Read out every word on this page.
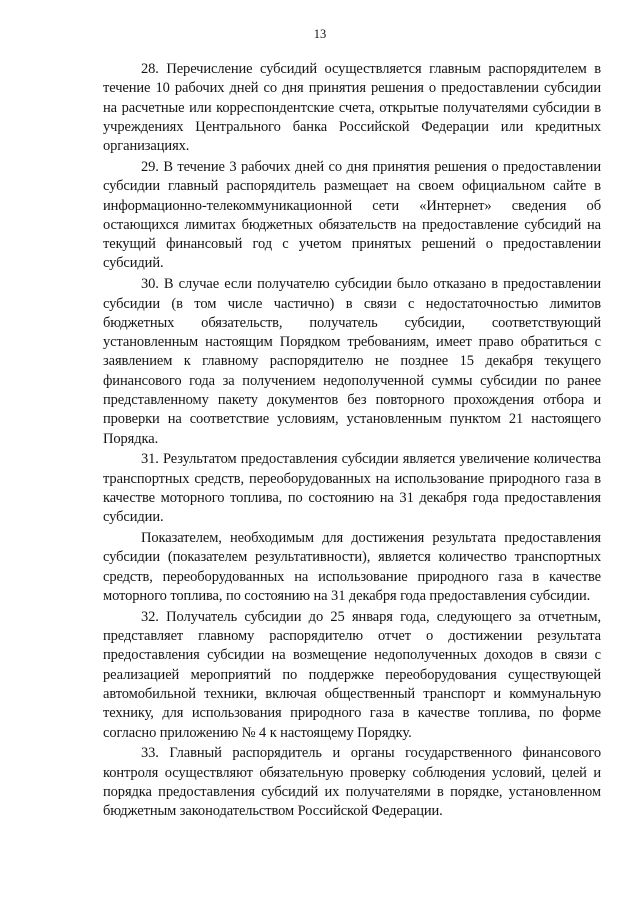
13

28. Перечисление субсидий осуществляется главным распорядителем в течение 10 рабочих дней со дня принятия решения о предоставлении субсидии на расчетные или корреспондентские счета, открытые получателями субсидии в учреждениях Центрального банка Российской Федерации или кредитных организациях.

29. В течение 3 рабочих дней со дня принятия решения о предоставлении субсидии главный распорядитель размещает на своем официальном сайте в информационно-телекоммуникационной сети «Интернет» сведения об остающихся лимитах бюджетных обязательств на предоставление субсидий на текущий финансовый год с учетом принятых решений о предоставлении субсидий.

30. В случае если получателю субсидии было отказано в предоставлении субсидии (в том числе частично) в связи с недостаточностью лимитов бюджетных обязательств, получатель субсидии, соответствующий установленным настоящим Порядком требованиям, имеет право обратиться с заявлением к главному распорядителю не позднее 15 декабря текущего финансового года за получением недополученной суммы субсидии по ранее представленному пакету документов без повторного прохождения отбора и проверки на соответствие условиям, установленным пунктом 21 настоящего Порядка.

31. Результатом предоставления субсидии является увеличение количества транспортных средств, переоборудованных на использование природного газа в качестве моторного топлива, по состоянию на 31 декабря года предоставления субсидии.

Показателем, необходимым для достижения результата предоставления субсидии (показателем результативности), является количество транспортных средств, переоборудованных на использование природного газа в качестве моторного топлива, по состоянию на 31 декабря года предоставления субсидии.

32. Получатель субсидии до 25 января года, следующего за отчетным, представляет главному распорядителю отчет о достижении результата предоставления субсидии на возмещение недополученных доходов в связи с реализацией мероприятий по поддержке переоборудования существующей автомобильной техники, включая общественный транспорт и коммунальную технику, для использования природного газа в качестве топлива, по форме согласно приложению № 4 к настоящему Порядку.

33. Главный распорядитель и органы государственного финансового контроля осуществляют обязательную проверку соблюдения условий, целей и порядка предоставления субсидий их получателями в порядке, установленном бюджетным законодательством Российской Федерации.
